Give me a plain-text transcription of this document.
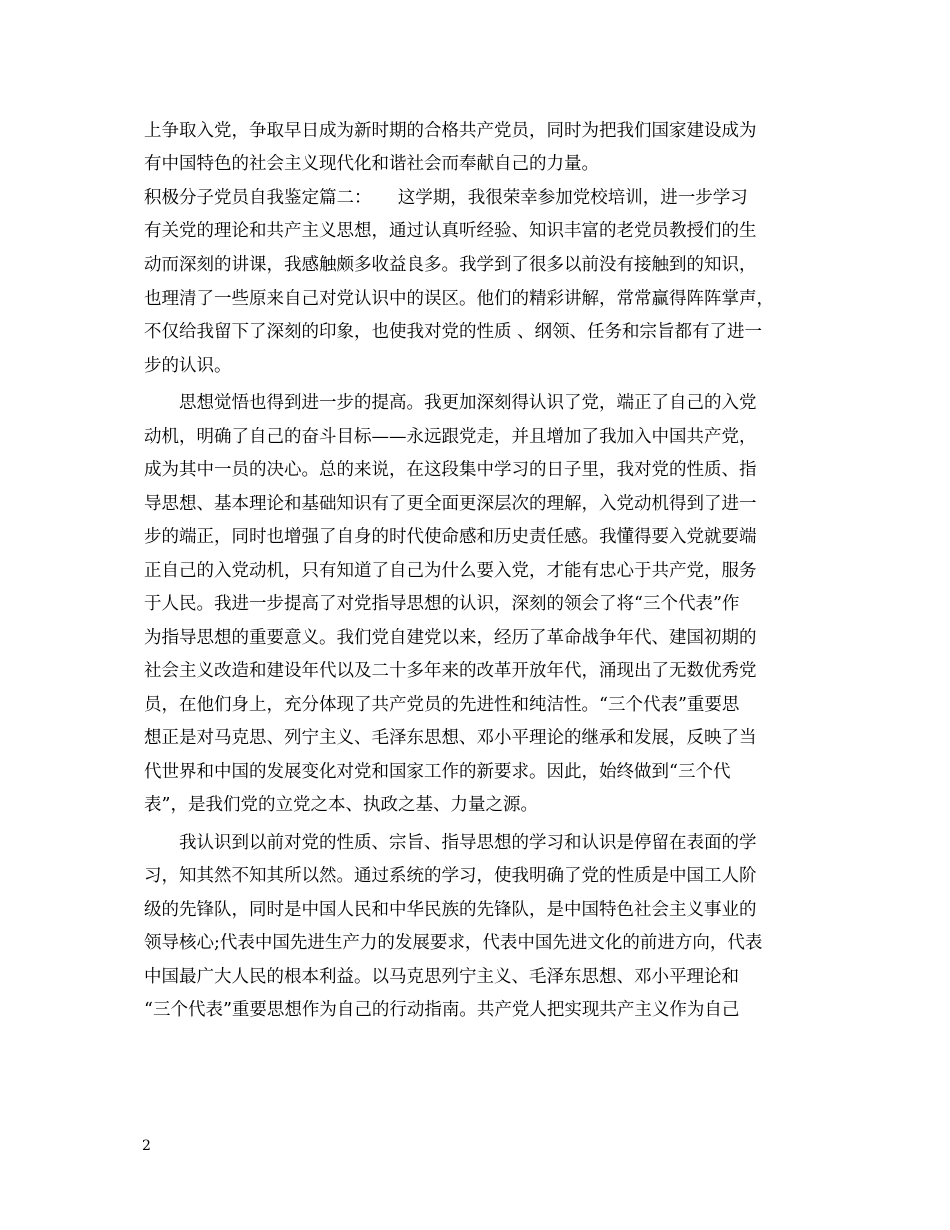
上争取入党，争取早日成为新时期的合格共产党员，同时为把我们国家建设成为
有中国特色的社会主义现代化和谐社会而奉献自己的力量。
积极分子党员自我鉴定篇二：　　这学期，我很荣幸参加党校培训，进一步学习
有关党的理论和共产主义思想，通过认真听经验、知识丰富的老党员教授们的生
动而深刻的讲课，我感触颇多收益良多。我学到了很多以前没有接触到的知识，
也理清了一些原来自己对党认识中的误区。他们的精彩讲解，常常赢得阵阵掌声，
不仅给我留下了深刻的印象，也使我对党的性质 、纲领、任务和宗旨都有了进一
步的认识。
　　思想觉悟也得到进一步的提高。我更加深刻得认识了党，端正了自己的入党
动机，明确了自己的奋斗目标——永远跟党走，并且增加了我加入中国共产党，
成为其中一员的决心。总的来说，在这段集中学习的日子里，我对党的性质、指
导思想、基本理论和基础知识有了更全面更深层次的理解，入党动机得到了进一
步的端正，同时也增强了自身的时代使命感和历史责任感。我懂得要入党就要端
正自己的入党动机，只有知道了自己为什么要入党，才能有忠心于共产党，服务
于人民。我进一步提高了对党指导思想的认识，深刻的领会了将“三个代表”作
为指导思想的重要意义。我们党自建党以来，经历了革命战争年代、建国初期的
社会主义改造和建设年代以及二十多年来的改革开放年代，涌现出了无数优秀党
员，在他们身上，充分体现了共产党员的先进性和纯洁性。“三个代表”重要思
想正是对马克思、列宁主义、毛泽东思想、邓小平理论的继承和发展，反映了当
代世界和中国的发展变化对党和国家工作的新要求。因此，始终做到“三个代
表”，是我们党的立党之本、执政之基、力量之源。
　　我认识到以前对党的性质、宗旨、指导思想的学习和认识是停留在表面的学
习，知其然不知其所以然。通过系统的学习，使我明确了党的性质是中国工人阶
级的先锋队，同时是中国人民和中华民族的先锋队，是中国特色社会主义事业的
领导核心;代表中国先进生产力的发展要求，代表中国先进文化的前进方向，代表
中国最广大人民的根本利益。以马克思列宁主义、毛泽东思想、邓小平理论和
“三个代表”重要思想作为自己的行动指南。共产党人把实现共产主义作为自己
2
